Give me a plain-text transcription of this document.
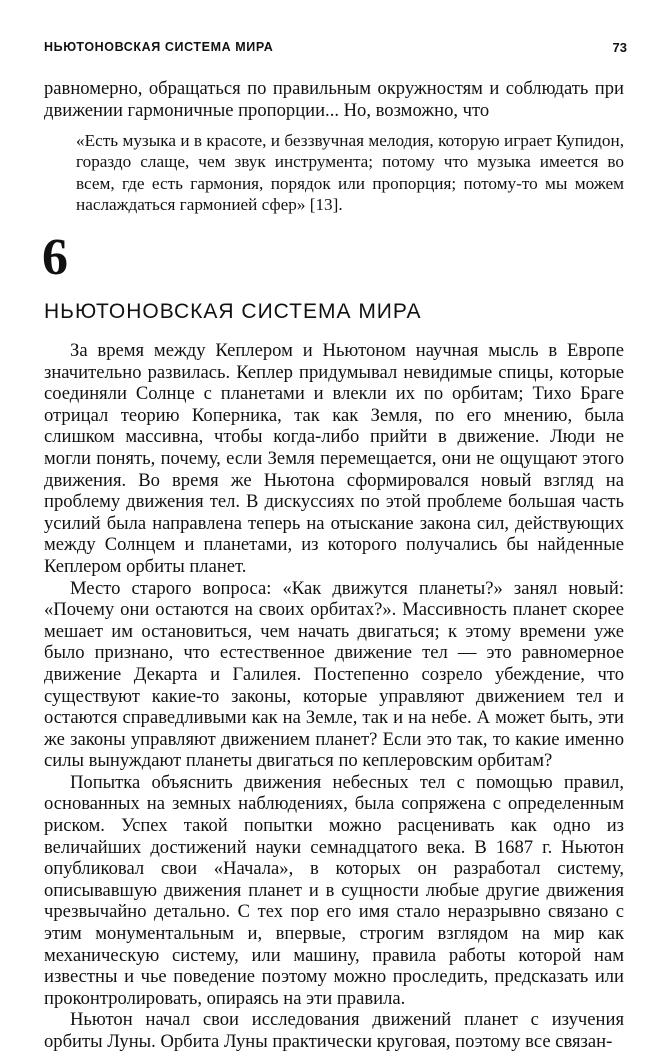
НЬЮТОНОВСКАЯ СИСТЕМА МИРА	73

равномерно, обращаться по правильным окружностям и соблюдать при движении гармоничные пропорции... Но, возможно, что

«Есть музыка и в красоте, и беззвучная мелодия, которую играет Купидон, гораздо слаще, чем звук инструмента; потому что музыка имеется во всем, где есть гармония, порядок или пропорция; потому-то мы можем наслаждаться гармонией сфер» [13].

6
НЬЮТОНОВСКАЯ СИСТЕМА МИРА

За время между Кеплером и Ньютоном научная мысль в Европе значительно развилась. Кеплер придумывал невидимые спицы, которые соединяли Солнце с планетами и влекли их по орбитам; Тихо Браге отрицал теорию Коперника, так как Земля, по его мнению, была слишком массивна, чтобы когда-либо прийти в движение. Люди не могли понять, почему, если Земля перемещается, они не ощущают этого движения. Во время же Ньютона сформировался новый взгляд на проблему движения тел. В дискуссиях по этой проблеме большая часть усилий была направлена теперь на отыскание закона сил, действующих между Солнцем и планетами, из которого получались бы найденные Кеплером орбиты планет.

Место старого вопроса: «Как движутся планеты?» занял новый: «Почему они остаются на своих орбитах?». Массивность планет скорее мешает им остановиться, чем начать двигаться; к этому времени уже было признано, что естественное движение тел — это равномерное движение Декарта и Галилея. Постепенно созрело убеждение, что существуют какие-то законы, которые управляют движением тел и остаются справедливыми как на Земле, так и на небе. А может быть, эти же законы управляют движением планет? Если это так, то какие именно силы вынуждают планеты двигаться по кеплеровским орбитам?

Попытка объяснить движения небесных тел с помощью правил, основанных на земных наблюдениях, была сопряжена с определенным риском. Успех такой попытки можно расценивать как одно из величайших достижений науки семнадцатого века. В 1687 г. Ньютон опубликовал свои «Начала», в которых он разработал систему, описывавшую движения планет и в сущности любые другие движения чрезвычайно детально. С тех пор его имя стало неразрывно связано с этим монументальным и, впервые, строгим взглядом на мир как механическую систему, или машину, правила работы которой нам известны и чье поведение поэтому можно проследить, предсказать или проконтролировать, опираясь на эти правила.

Ньютон начал свои исследования движений планет с изучения орбиты Луны. Орбита Луны практически круговая, поэтому все связан-
